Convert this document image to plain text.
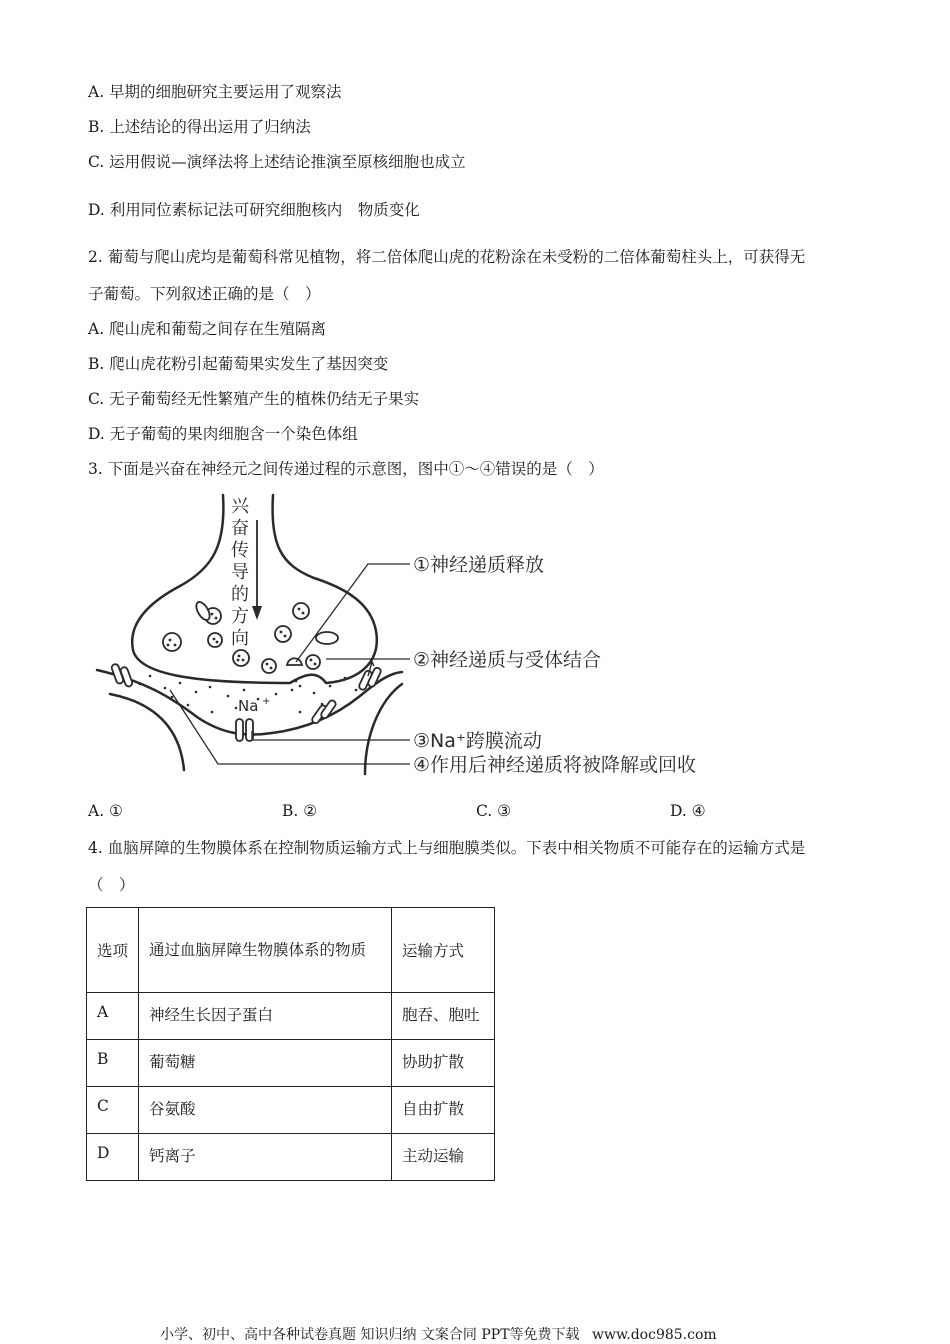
A. 早期的细胞研究主要运用了观察法
B. 上述结论的得出运用了归纳法
C. 运用假说—演绎法将上述结论推演至原核细胞也成立
D. 利用同位素标记法可研究细胞核内　物质变化
2. 葡萄与爬山虎均是葡萄科常见植物，将二倍体爬山虎的花粉涂在未受粉的二倍体葡萄柱头上，可获得无
子葡萄。下列叙述正确的是（　）
A. 爬山虎和葡萄之间存在生殖隔离
B. 爬山虎花粉引起葡萄果实发生了基因突变
C. 无子葡萄经无性繁殖产生的植株仍结无子果实
D. 无子葡萄的果肉细胞含一个染色体组
3. 下面是兴奋在神经元之间传递过程的示意图，图中①～④错误的是（　）
兴
奋
传
导
的
方
向
Na +
①神经递质释放
②神经递质与受体结合
③Na⁺跨膜流动
④作用后神经递质将被降解或回收
A. ①	B. ②	C. ③	D. ④
4. 血脑屏障的生物膜体系在控制物质运输方式上与细胞膜类似。下表中相关物质不可能存在的运输方式是
（　）
选项	通过血脑屏障生物膜体系的物质	运输方式
A	神经生长因子蛋白	胞吞、胞吐
B	葡萄糖	协助扩散
C	谷氨酸	自由扩散
D	钙离子	主动运输
小学、初中、高中各种试卷真题 知识归纳 文案合同 PPT等免费下载 www.doc985.com
